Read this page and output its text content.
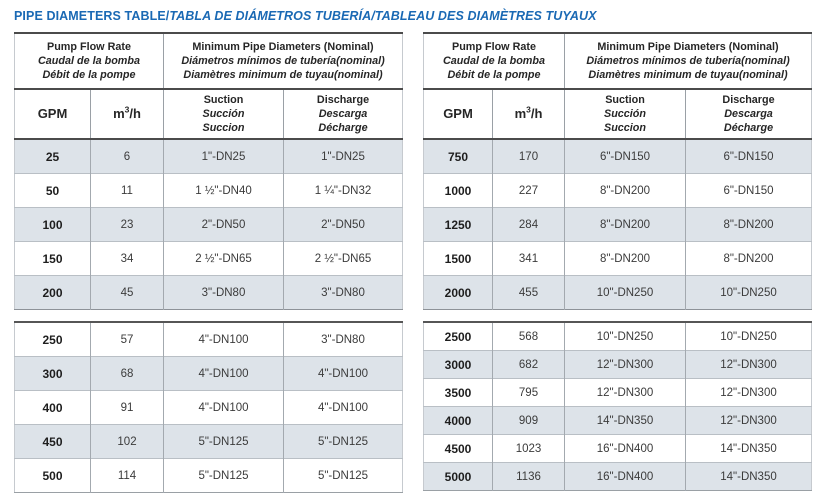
PIPE DIAMETERS TABLE/TABLA DE DIÁMETROS TUBERÍA/TABLEAU DES DIAMÈTRES TUYAUX
Pump Flow Rate
Caudal de la bomba
Débit de la pompe

Minimum Pipe Diameters (Nominal)
Diámetros mínimos de tubería(nominal)
Diamètres minimum de tuyau(nominal)

GPM	$m^3/h$	
Suction
Succión
Succion

Discharge
Descarga
Décharge

25	6	1"-DN25	1"-DN25
50	11	1 ½"-DN40	1 ¼"-DN32
100	23	2"-DN50	2"-DN50
150	34	2 ½"-DN65	2 ½"-DN65
200	45	3"-DN80	3"-DN80
250	57	4"-DN100	3"-DN80
300	68	4"-DN100	4"-DN100
400	91	4"-DN100	4"-DN100
450	102	5"-DN125	5"-DN125
500	114	5"-DN125	5"-DN125
Pump Flow Rate
Caudal de la bomba
Débit de la pompe

Minimum Pipe Diameters (Nominal)
Diámetros mínimos de tubería(nominal)
Diamètres minimum de tuyau(nominal)

GPM	$m^3/h$	
Suction
Succión
Succion

Discharge
Descarga
Décharge

750	170	6"-DN150	6"-DN150
1000	227	8"-DN200	6"-DN150
1250	284	8"-DN200	8"-DN200
1500	341	8"-DN200	8"-DN200
2000	455	10"-DN250	10"-DN250
2500	568	10"-DN250	10"-DN250
3000	682	12"-DN300	12"-DN300
3500	795	12"-DN300	12"-DN300
4000	909	14"-DN350	12"-DN300
4500	1023	16"-DN400	14"-DN350
5000	1136	16"-DN400	14"-DN350
